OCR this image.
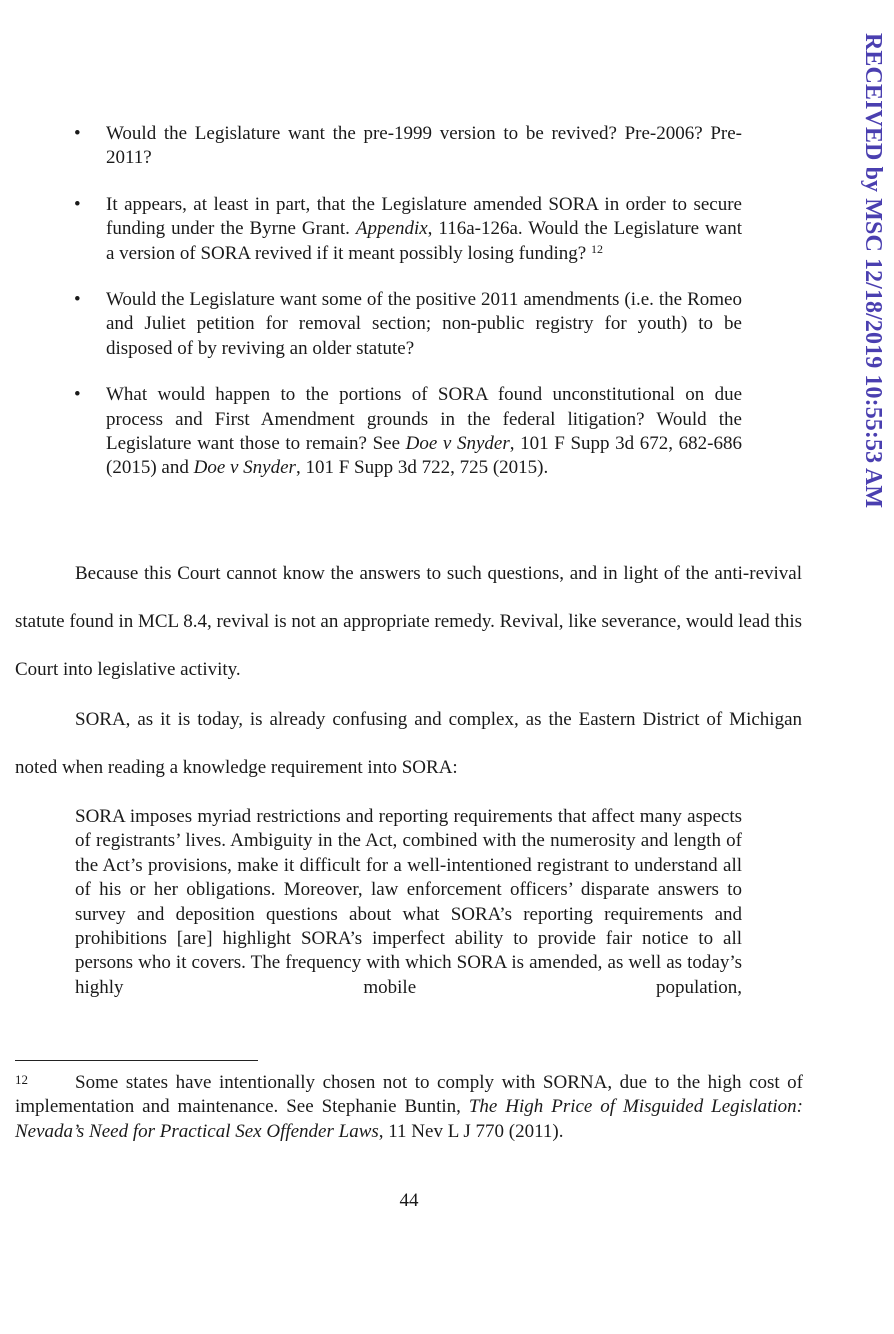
RECEIVED by MSC 12/18/2019 10:55:53 AM
• Would the Legislature want the pre-1999 version to be revived? Pre-2006? Pre-2011?
• It appears, at least in part, that the Legislature amended SORA in order to secure funding under the Byrne Grant. Appendix, 116a-126a. Would the Legislature want a version of SORA revived if it meant possibly losing funding? $^{12}$
• Would the Legislature want some of the positive 2011 amendments (i.e. the Romeo and Juliet petition for removal section; non-public registry for youth) to be disposed of by reviving an older statute?
• What would happen to the portions of SORA found unconstitutional on due process and First Amendment grounds in the federal litigation? Would the Legislature want those to remain? See Doe v Snyder, 101 F Supp 3d 672, 682-686 (2015) and Doe v Snyder, 101 F Supp 3d 722, 725 (2015).

Because this Court cannot know the answers to such questions, and in light of the anti-revival statute found in MCL 8.4, revival is not an appropriate remedy. Revival, like severance, would lead this Court into legislative activity.

SORA, as it is today, is already confusing and complex, as the Eastern District of Michigan noted when reading a knowledge requirement into SORA:

SORA imposes myriad restrictions and reporting requirements that affect many aspects of registrants’ lives. Ambiguity in the Act, combined with the numerosity and length of the Act’s provisions, make it difficult for a well-intentioned registrant to understand all of his or her obligations. Moreover, law enforcement officers’ disparate answers to survey and deposition questions about what SORA’s reporting requirements and prohibitions [are] highlight SORA’s imperfect ability to provide fair notice to all persons who it covers. The frequency with which SORA is amended, as well as today’s highly mobile population,

12 Some states have intentionally chosen not to comply with SORNA, due to the high cost of implementation and maintenance. See Stephanie Buntin, The High Price of Misguided Legislation: Nevada’s Need for Practical Sex Offender Laws, 11 Nev L J 770 (2011).

44
